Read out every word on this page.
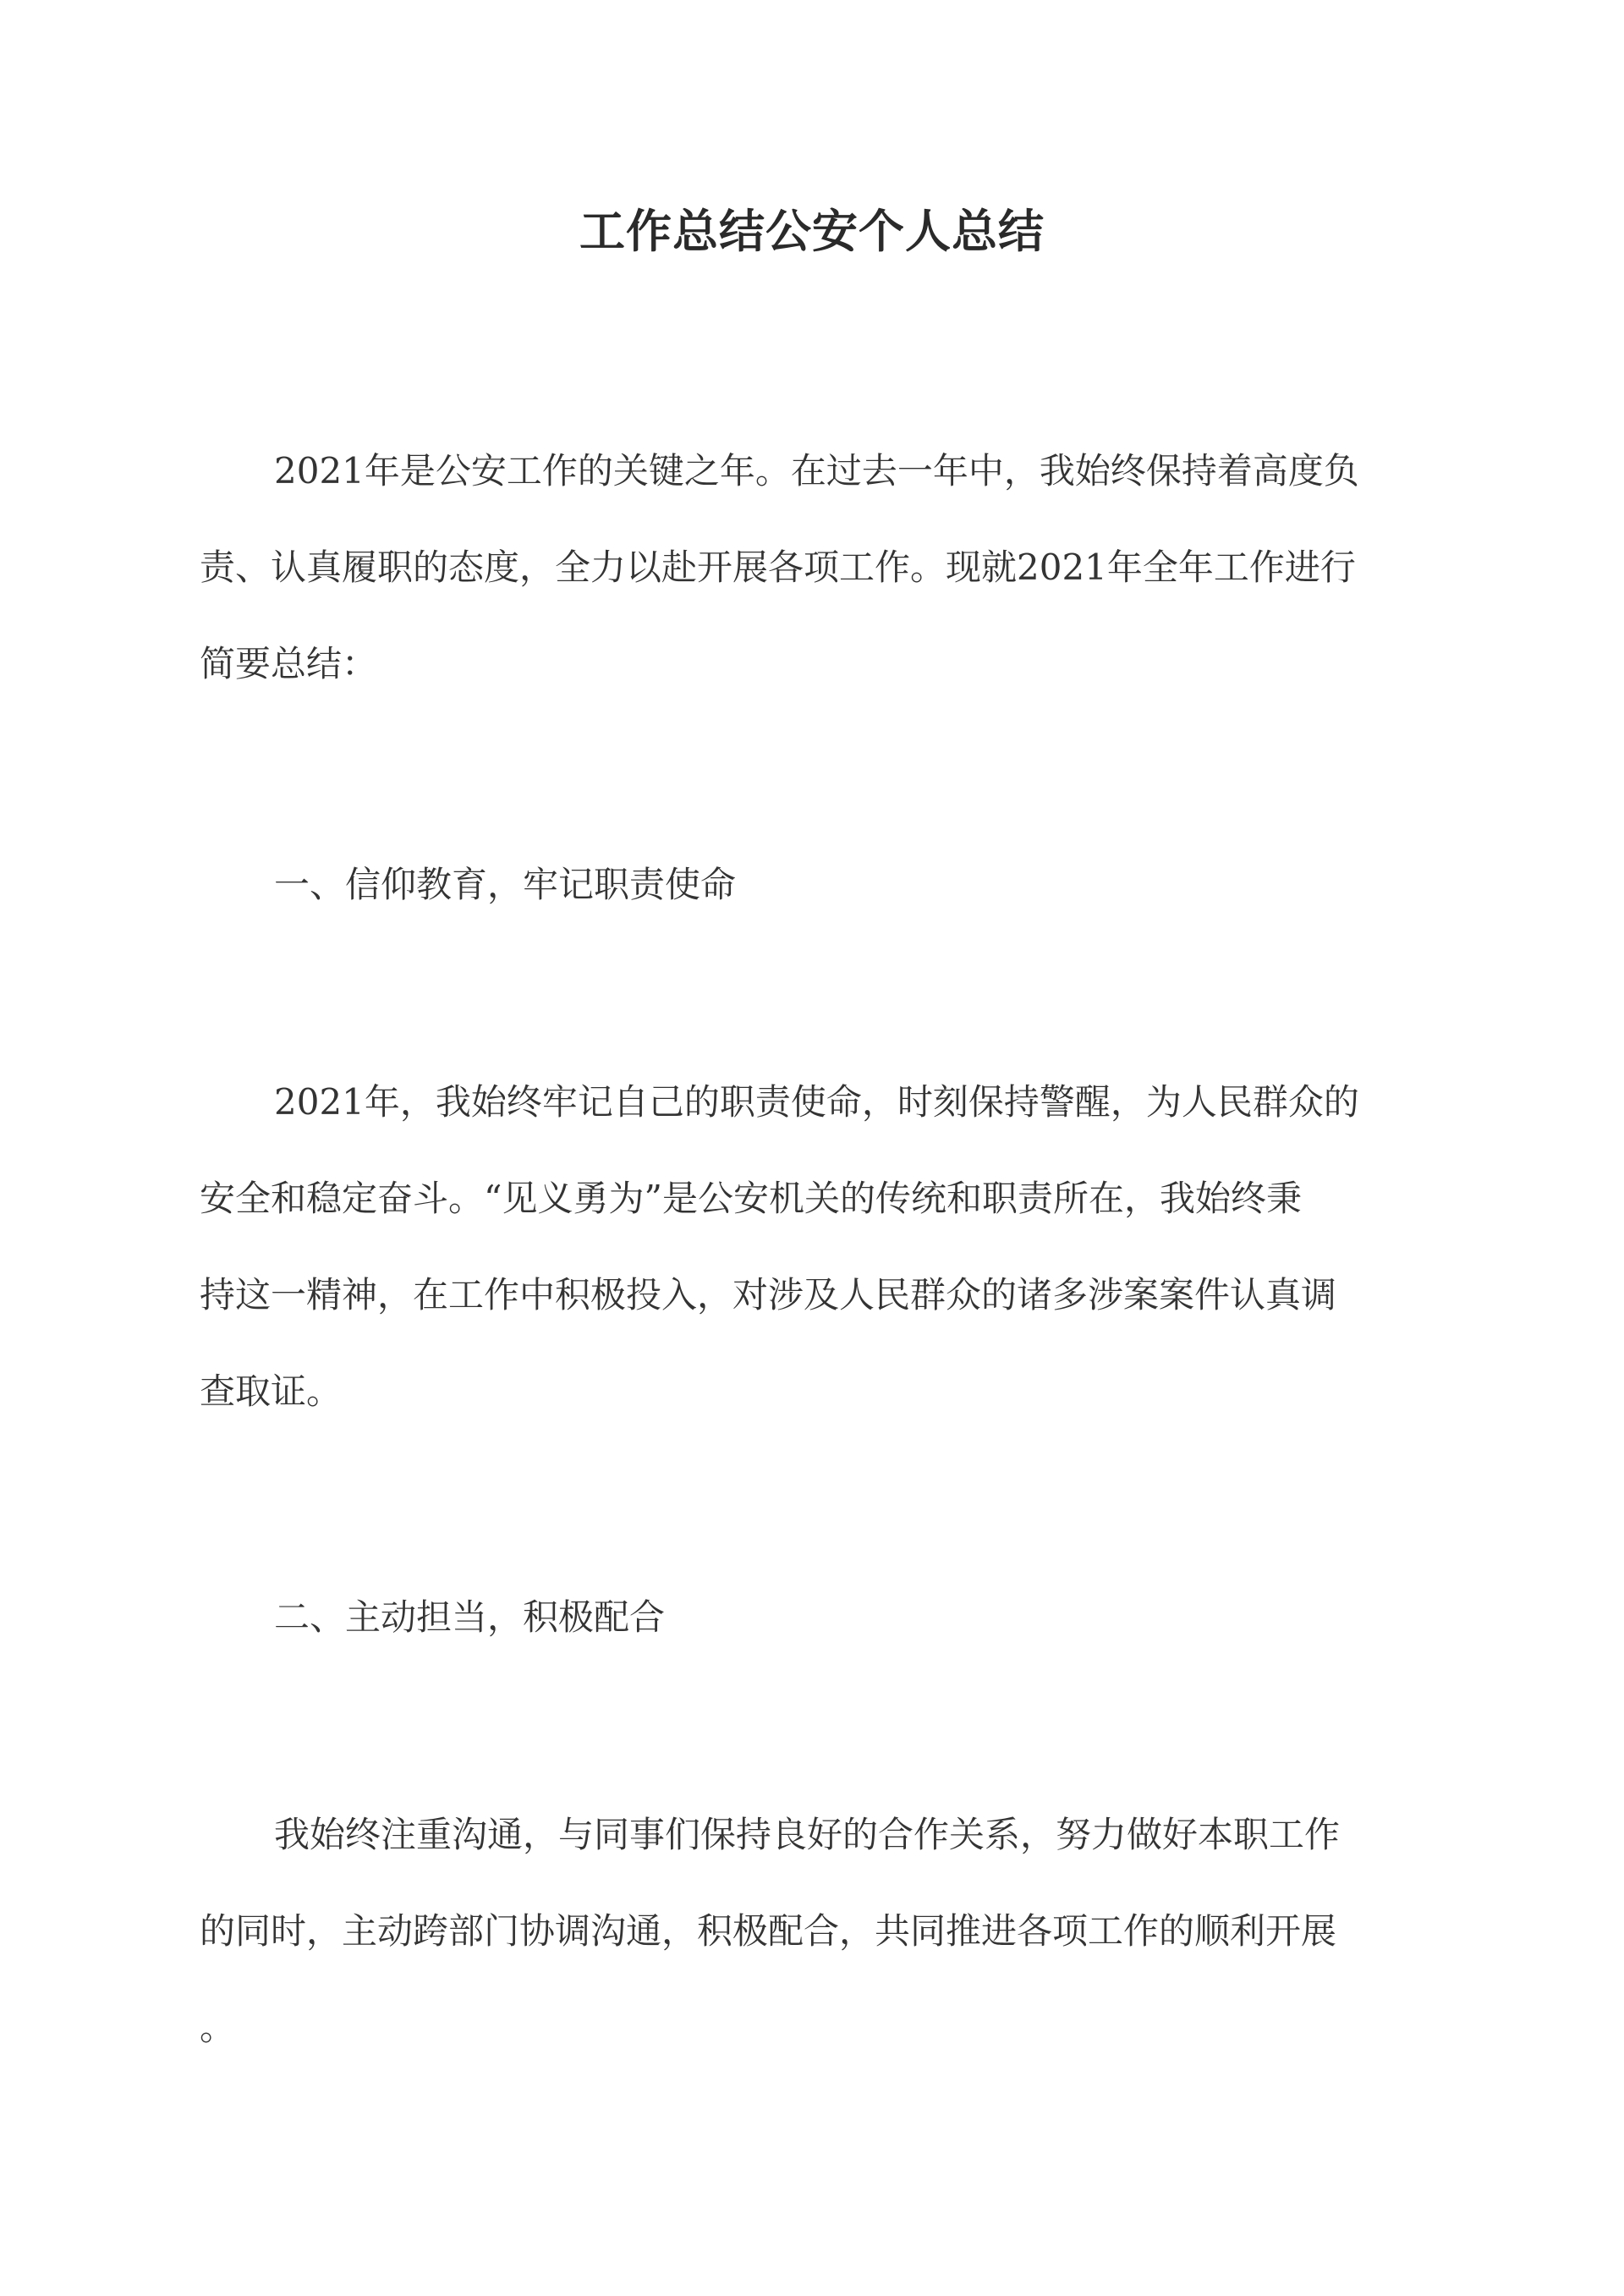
工作总结公安个人总结
2021年是公安工作的关键之年。在过去一年中，我始终保持着高度负
责、认真履职的态度，全力以赴开展各项工作。现就2021年全年工作进行
简要总结：
一、信仰教育，牢记职责使命
2021年，我始终牢记自己的职责使命，时刻保持警醒，为人民群众的
安全和稳定奋斗。“见义勇为”是公安机关的传统和职责所在，我始终秉
持这一精神，在工作中积极投入，对涉及人民群众的诸多涉案案件认真调
查取证。
二、主动担当，积极配合
我始终注重沟通，与同事们保持良好的合作关系，努力做好本职工作
的同时，主动跨部门协调沟通，积极配合，共同推进各项工作的顺利开展
。
